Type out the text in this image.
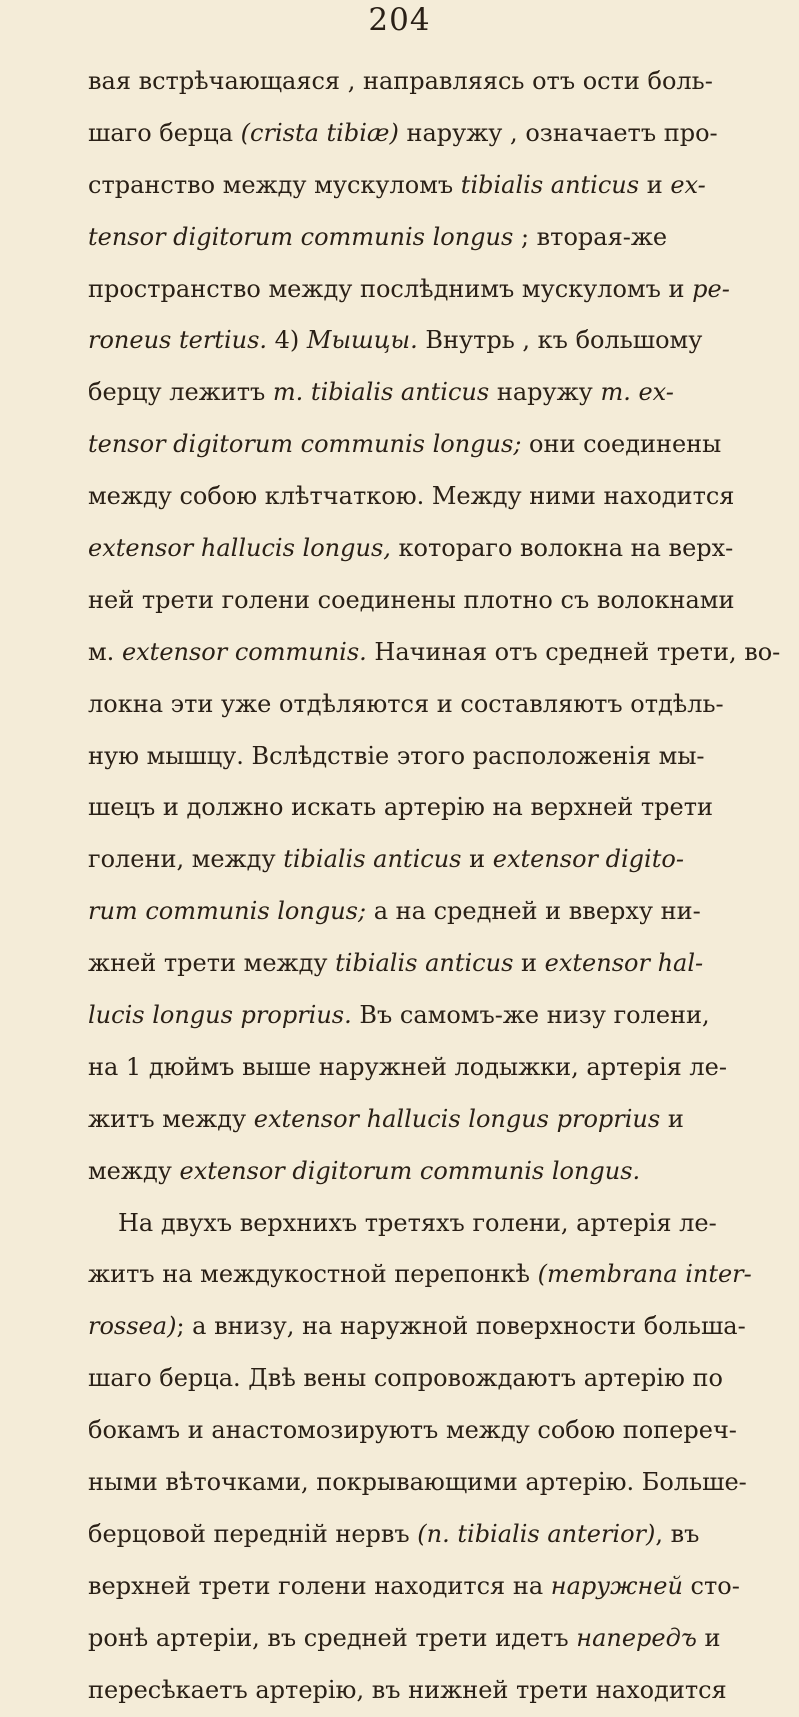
204
вая встрѣчающаяся , направляясь отъ ости боль-
шаго берца (crista tibiæ) наружу , означаетъ про-
странство между мускуломъ tibialis anticus и ex-
tensor digitorum communis longus ; вторая-же
пространство между послѣднимъ мускуломъ и pe-
roneus tertius. 4) Мышцы. Внутрь , къ большому
берцу лежитъ m. tibialis anticus наружу m. ex-
tensor digitorum communis longus; они соединены
между собою клѣтчаткою. Между ними находится
extensor hallucis longus, котораго волокна на верх-
ней трети голени соединены плотно съ волокнами
м. extensor communis. Начиная отъ средней трети, во-
локна эти уже отдѣляются и составляютъ отдѣль-
ную мышцу. Вслѣдствіе этого расположенія мы-
шецъ и должно искать артерію на верхней трети
голени, между tibialis anticus и extensor digito-
rum communis longus; а на средней и вверху ни-
жней трети между tibialis anticus и extensor hal-
lucis longus proprius. Въ самомъ-же низу голени,
на 1 дюймъ выше наружней лодыжки, артерія ле-
житъ между extensor hallucis longus proprius и
между extensor digitorum communis longus.
На двухъ верхнихъ третяхъ голени, артерія ле-
житъ на междукостной перепонкѣ (membrana inter-
rossea); а внизу, на наружной поверхности больша-
шаго берца. Двѣ вены сопровождаютъ артерію по
бокамъ и анастомозируютъ между собою попереч-
ными вѣточками, покрывающими артерію. Больше-
берцовой передній нервъ (n. tibialis anterior), въ
верхней трети голени находится на наружней сто-
ронѣ артеріи, въ средней трети идетъ напередъ и
пересѣкаетъ артерію, въ нижней трети находится
